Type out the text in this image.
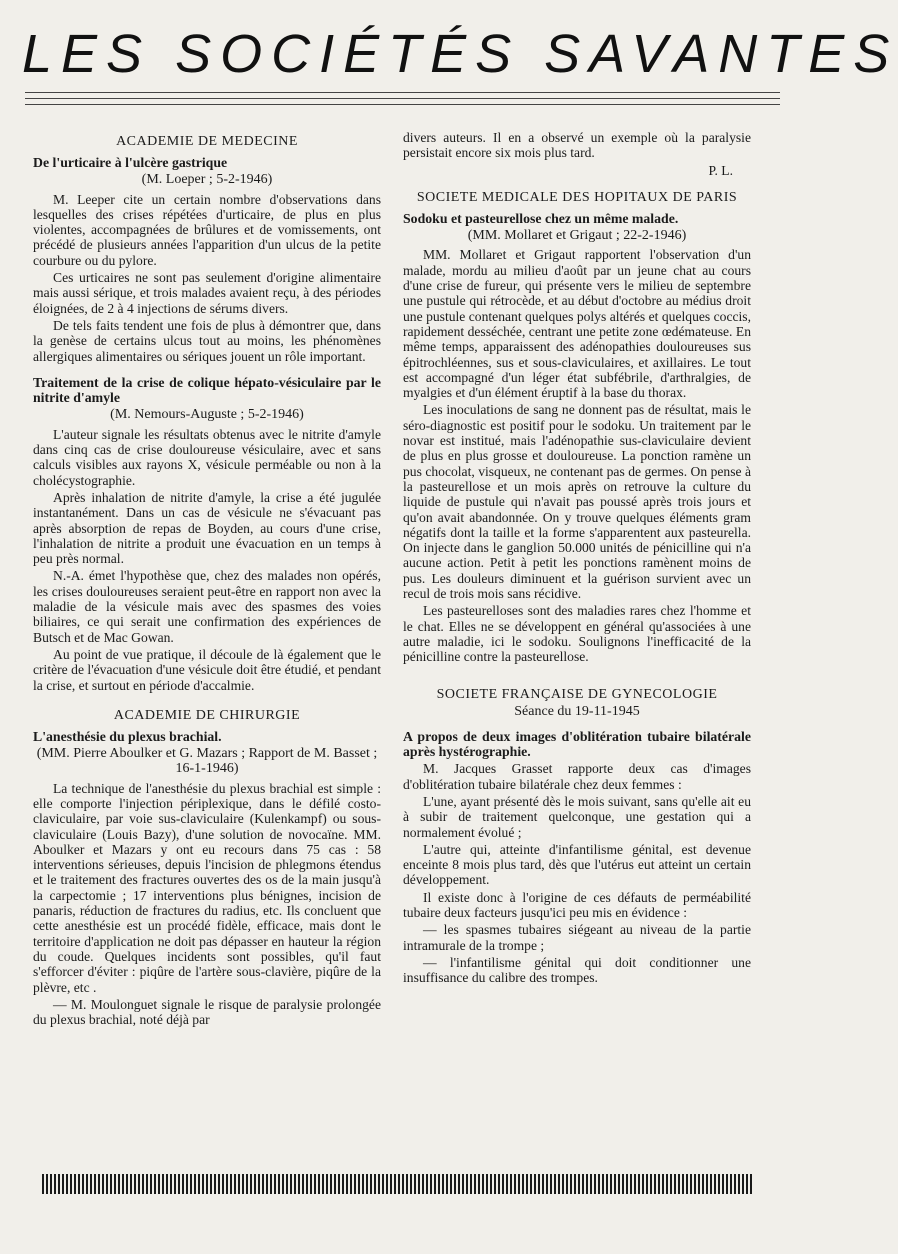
LES SOCIÉTÉS SAVANTES
ACADEMIE DE MEDECINE
De l'urticaire à l'ulcère gastrique
(M. Loeper ; 5-2-1946)

M. Leeper cite un certain nombre d'observations dans lesquelles des crises répétées d'urticaire, de plus en plus violentes, accompagnées de brûlures et de vomissements, ont précédé de plusieurs années l'apparition d'un ulcus de la petite courbure ou du pylore.

Ces urticaires ne sont pas seulement d'origine alimentaire mais aussi sérique, et trois malades avaient reçu, à des périodes éloignées, de 2 à 4 injections de sérums divers.

De tels faits tendent une fois de plus à démontrer que, dans la genèse de certains ulcus tout au moins, les phénomènes allergiques alimentaires ou sériques jouent un rôle important.

Traitement de la crise de colique hépato-vésiculaire par le nitrite d'amyle
(M. Nemours-Auguste ; 5-2-1946)

L'auteur signale les résultats obtenus avec le nitrite d'amyle dans cinq cas de crise douloureuse vésiculaire, avec et sans calculs visibles aux rayons X, vésicule perméable ou non à la cholécystographie.

Après inhalation de nitrite d'amyle, la crise a été jugulée instantanément. Dans un cas de vésicule ne s'évacuant pas après absorption de repas de Boyden, au cours d'une crise, l'inhalation de nitrite a produit une évacuation en un temps à peu près normal.

N.-A. émet l'hypothèse que, chez des malades non opérés, les crises douloureuses seraient peut-être en rapport non avec la maladie de la vésicule mais avec des spasmes des voies biliaires, ce qui serait une confirmation des expériences de Butsch et de Mac Gowan.

Au point de vue pratique, il découle de là également que le critère de l'évacuation d'une vésicule doit être étudié, et pendant la crise, et surtout en période d'accalmie.

ACADEMIE DE CHIRURGIE
L'anesthésie du plexus brachial.
(MM. Pierre Aboulker et G. Mazars ; Rapport de M. Basset ; 16-1-1946)

La technique de l'anesthésie du plexus brachial est simple : elle comporte l'injection périplexique, dans le défilé costo-claviculaire, par voie sus-claviculaire (Kulenkampf) ou sous-claviculaire (Louis Bazy), d'une solution de novocaïne. MM. Aboulker et Mazars y ont eu recours dans 75 cas : 58 interventions sérieuses, depuis l'incision de phlegmons étendus et le traitement des fractures ouvertes des os de la main jusqu'à la carpectomie ; 17 interventions plus bénignes, incision de panaris, réduction de fractures du radius, etc. Ils concluent que cette anesthésie est un procédé fidèle, efficace, mais dont le territoire d'application ne doit pas dépasser en hauteur la région du coude. Quelques incidents sont possibles, qu'il faut s'efforcer d'éviter : piqûre de l'artère sous-clavière, piqûre de la plèvre, etc .

— M. Moulonguet signale le risque de paralysie prolongée du plexus brachial, noté déjà par

divers auteurs. Il en a observé un exemple où la paralysie persistait encore six mois plus tard.

P. L.
SOCIETE MEDICALE DES HOPITAUX DE PARIS
Sodoku et pasteurellose chez un même malade.
(MM. Mollaret et Grigaut ; 22-2-1946)

MM. Mollaret et Grigaut rapportent l'observation d'un malade, mordu au milieu d'août par un jeune chat au cours d'une crise de fureur, qui présente vers le milieu de septembre une pustule qui rétrocède, et au début d'octobre au médius droit une pustule contenant quelques polys altérés et quelques coccis, rapidement desséchée, centrant une petite zone œdémateuse. En même temps, apparaissent des adénopathies douloureuses sus épitrochléennes, sus et sous-claviculaires, et axillaires. Le tout est accompagné d'un léger état subfébrile, d'arthralgies, de myalgies et d'un élément éruptif à la base du thorax.

Les inoculations de sang ne donnent pas de résultat, mais le séro-diagnostic est positif pour le sodoku. Un traitement par le novar est institué, mais l'adénopathie sus-claviculaire devient de plus en plus grosse et douloureuse. La ponction ramène un pus chocolat, visqueux, ne contenant pas de germes. On pense à la pasteurellose et un mois après on retrouve la culture du liquide de pustule qui n'avait pas poussé après trois jours et qu'on avait abandonnée. On y trouve quelques éléments gram négatifs dont la taille et la forme s'apparentent aux pasteurella. On injecte dans le ganglion 50.000 unités de pénicilline qui n'a aucune action. Petit à petit les ponctions ramènent moins de pus. Les douleurs diminuent et la guérison survient avec un recul de trois mois sans récidive.

Les pasteurelloses sont des maladies rares chez l'homme et le chat. Elles ne se développent en général qu'associées à une autre maladie, ici le sodoku. Soulignons l'inefficacité de la pénicilline contre la pasteurellose.

SOCIETE FRANÇAISE DE GYNECOLOGIE
Séance du 19-11-1945
A propos de deux images d'oblitération tubaire bilatérale après hystérographie.

M. Jacques Grasset rapporte deux cas d'images d'oblitération tubaire bilatérale chez deux femmes :

L'une, ayant présenté dès le mois suivant, sans qu'elle ait eu à subir de traitement quelconque, une gestation qui a normalement évolué ;

L'autre qui, atteinte d'infantilisme génital, est devenue enceinte 8 mois plus tard, dès que l'utérus eut atteint un certain développement.

Il existe donc à l'origine de ces défauts de perméabilité tubaire deux facteurs jusqu'ici peu mis en évidence :

— les spasmes tubaires siégeant au niveau de la partie intramurale de la trompe ;

— l'infantilisme génital qui doit conditionner une insuffisance du calibre des trompes.
